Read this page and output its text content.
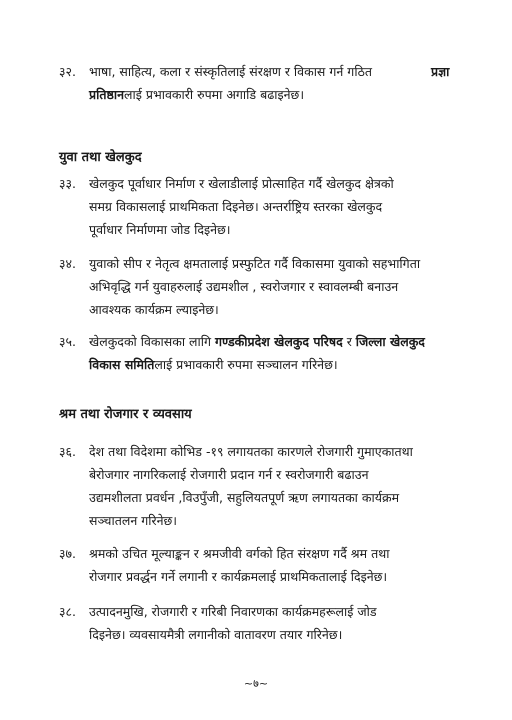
३२.	भाषा, साहित्य, कला र संस्कृतिलाई संरक्षण र विकास गर्न गठित	प्रज्ञा
प्रतिष्ठानलाई प्रभावकारी रुपमा अगाडि बढाइनेछ।
युवा तथा खेलकुद
३३.	खेलकुद पूर्वाधार निर्माण र खेलाडीलाई प्रोत्साहित गर्दै खेलकुद क्षेत्रको
समग्र विकासलाई प्राथमिकता दिइनेछ। अन्तर्राष्ट्रिय स्तरका खेलकुद
पूर्वाधार निर्माणमा जोड दिइनेछ।
३४.	युवाको सीप र नेतृत्व क्षमतालाई प्रस्फुटित गर्दै विकासमा युवाको सहभागिता
अभिवृद्धि गर्न युवाहरुलाई उद्यमशील , स्वरोजगार र स्वावलम्बी बनाउन
आवश्यक कार्यक्रम ल्याइनेछ।
३५.	खेलकुदको विकासका लागि गण्डकीप्रदेश खेलकुद परिषद र जिल्ला खेलकुद
विकास समितिलाई प्रभावकारी रुपमा सञ्चालन गरिनेछ।
श्रम तथा रोजगार र व्यवसाय
३६.	देश तथा विदेशमा कोभिड -१९ लगायतका कारणले रोजगारी गुमाएकातथा
बेरोजगार नागरिकलाई रोजगारी प्रदान गर्न र स्वरोजगारी बढाउन
उद्यमशीलता प्रवर्धन ,विउपुँजी, सहुलियतपूर्ण ऋण लगायतका कार्यक्रम
सञ्चातलन गरिनेछ।
३७.	श्रमको उचित मूल्याङ्कन र श्रमजीवी वर्गको हित संरक्षण गर्दै श्रम तथा
रोजगार प्रवर्द्धन गर्ने लगानी र कार्यक्रमलाई प्राथमिकतालाई दिइनेछ।
३८.	उत्पादनमुखि, रोजगारी र गरिबी निवारणका कार्यक्रमहरूलाई जोड
दिइनेछ। व्यवसायमैत्री लगानीको वातावरण तयार गरिनेछ।
~७~
